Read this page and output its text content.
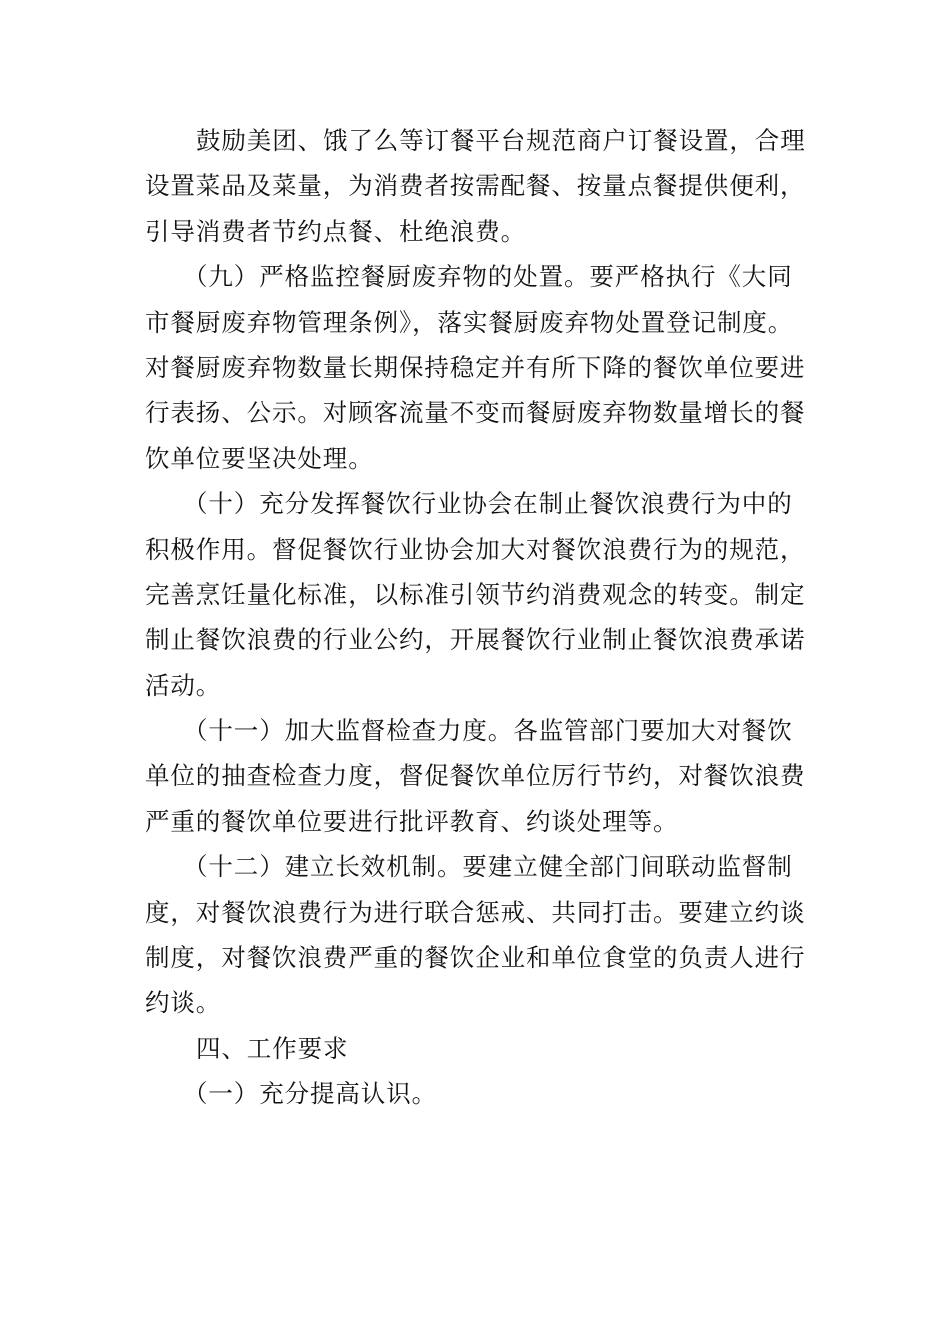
鼓励美团、饿了么等订餐平台规范商户订餐设置，合理
设置菜品及菜量，为消费者按需配餐、按量点餐提供便利，
引导消费者节约点餐、杜绝浪费。
（九）严格监控餐厨废弃物的处置。要严格执行《大同
市餐厨废弃物管理条例》，落实餐厨废弃物处置登记制度。
对餐厨废弃物数量长期保持稳定并有所下降的餐饮单位要进
行表扬、公示。对顾客流量不变而餐厨废弃物数量增长的餐
饮单位要坚决处理。
（十）充分发挥餐饮行业协会在制止餐饮浪费行为中的
积极作用。督促餐饮行业协会加大对餐饮浪费行为的规范，
完善烹饪量化标准，以标准引领节约消费观念的转变。制定
制止餐饮浪费的行业公约，开展餐饮行业制止餐饮浪费承诺
活动。
（十一）加大监督检查力度。各监管部门要加大对餐饮
单位的抽查检查力度，督促餐饮单位厉行节约，对餐饮浪费
严重的餐饮单位要进行批评教育、约谈处理等。
（十二）建立长效机制。要建立健全部门间联动监督制
度，对餐饮浪费行为进行联合惩戒、共同打击。要建立约谈
制度，对餐饮浪费严重的餐饮企业和单位食堂的负责人进行
约谈。
四、工作要求
（一）充分提高认识。
